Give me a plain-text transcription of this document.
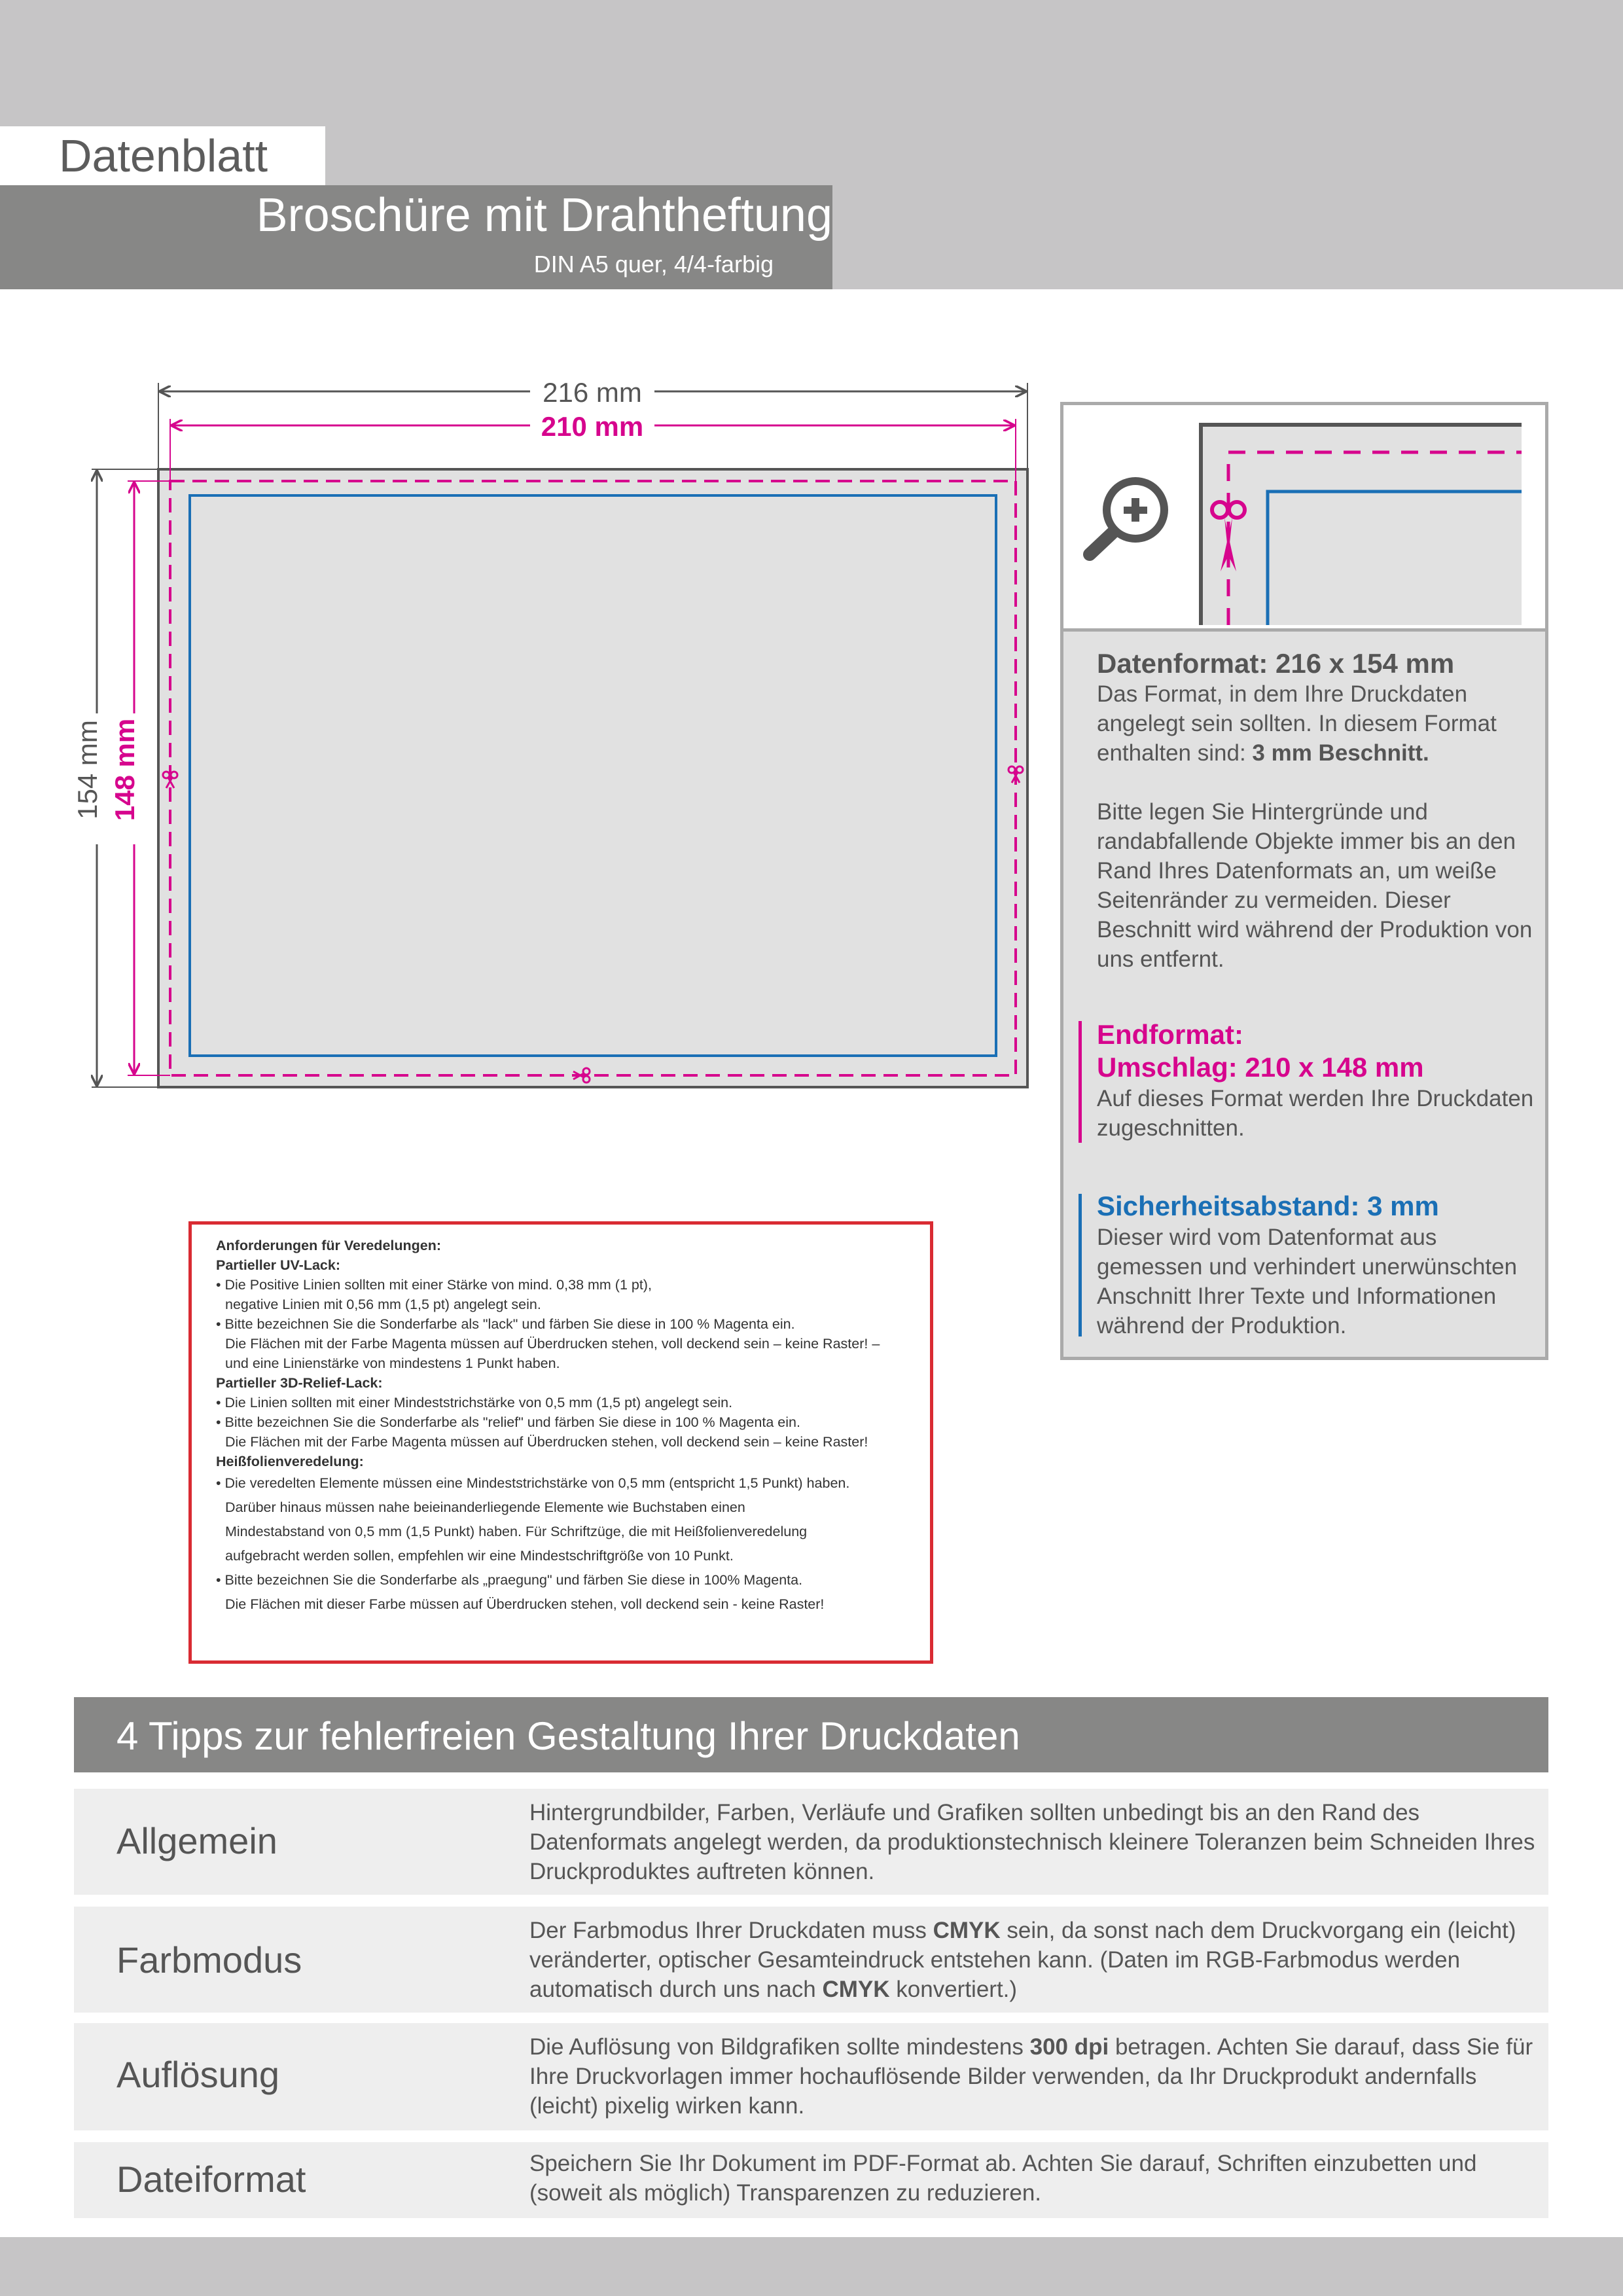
Datenblatt
Broschüre mit Drahtheftung
DIN A5 quer, 4/4-farbig
216 mm
210 mm
154 mm 148 mm
Datenformat: 216 x 154 mm
Das Format, in dem Ihre Druckdaten angelegt sein sollten. In diesem Format enthalten sind: 3 mm Beschnitt.
Bitte legen Sie Hintergründe und randabfallende Objekte immer bis an den Rand Ihres Datenformats an, um weiße Seitenränder zu vermeiden. Dieser Beschnitt wird während der Produktion von uns entfernt.
Endformat:
Umschlag: 210 x 148 mm
Auf dieses Format werden Ihre Druckdaten zugeschnitten.
Sicherheitsabstand: 3 mm
Dieser wird vom Datenformat aus gemessen und verhindert unerwünschten Anschnitt Ihrer Texte und Informationen während der Produktion.
Anforderungen für Veredelungen:
Partieller UV-Lack:
• Die Positive Linien sollten mit einer Stärke von mind. 0,38 mm (1 pt),
negative Linien mit 0,56 mm (1,5 pt) angelegt sein.
• Bitte bezeichnen Sie die Sonderfarbe als "lack" und färben Sie diese in 100 % Magenta ein.
Die Flächen mit der Farbe Magenta müssen auf Überdrucken stehen, voll deckend sein – keine Raster! –
und eine Linienstärke von mindestens 1 Punkt haben.
Partieller 3D-Relief-Lack:
• Die Linien sollten mit einer Mindeststrichstärke von 0,5 mm (1,5 pt) angelegt sein.
• Bitte bezeichnen Sie die Sonderfarbe als "relief" und färben Sie diese in 100 % Magenta ein.
Die Flächen mit der Farbe Magenta müssen auf Überdrucken stehen, voll deckend sein – keine Raster!
Heißfolienveredelung:
• Die veredelten Elemente müssen eine Mindeststrichstärke von 0,5 mm (entspricht 1,5 Punkt) haben.
Darüber hinaus müssen nahe beieinanderliegende Elemente wie Buchstaben einen
Mindestabstand von 0,5 mm (1,5 Punkt) haben. Für Schriftzüge, die mit Heißfolienveredelung
aufgebracht werden sollen, empfehlen wir eine Mindestschriftgröße von 10 Punkt.
• Bitte bezeichnen Sie die Sonderfarbe als „praegung" und färben Sie diese in 100% Magenta.
Die Flächen mit dieser Farbe müssen auf Überdrucken stehen, voll deckend sein - keine Raster!
4 Tipps zur fehlerfreien Gestaltung Ihrer Druckdaten
Allgemein
Hintergrundbilder, Farben, Verläufe und Grafiken sollten unbedingt bis an den Rand des Datenformats angelegt werden, da produktionstechnisch kleinere Toleranzen beim Schneiden Ihres Druckproduktes auftreten können.
Farbmodus
Der Farbmodus Ihrer Druckdaten muss CMYK sein, da sonst nach dem Druckvorgang ein (leicht) veränderter, optischer Gesamteindruck entstehen kann. (Daten im RGB-Farbmodus werden automatisch durch uns nach CMYK konvertiert.)
Auflösung
Die Auflösung von Bildgrafiken sollte mindestens 300 dpi betragen. Achten Sie darauf, dass Sie für Ihre Druckvorlagen immer hochauflösende Bilder verwenden, da Ihr Druckprodukt andernfalls (leicht) pixelig wirken kann.
Dateiformat	Speichern Sie Ihr Dokument im PDF-Format ab. Achten Sie darauf, Schriften einzubetten und (soweit als möglich) Transparenzen zu reduzieren.
